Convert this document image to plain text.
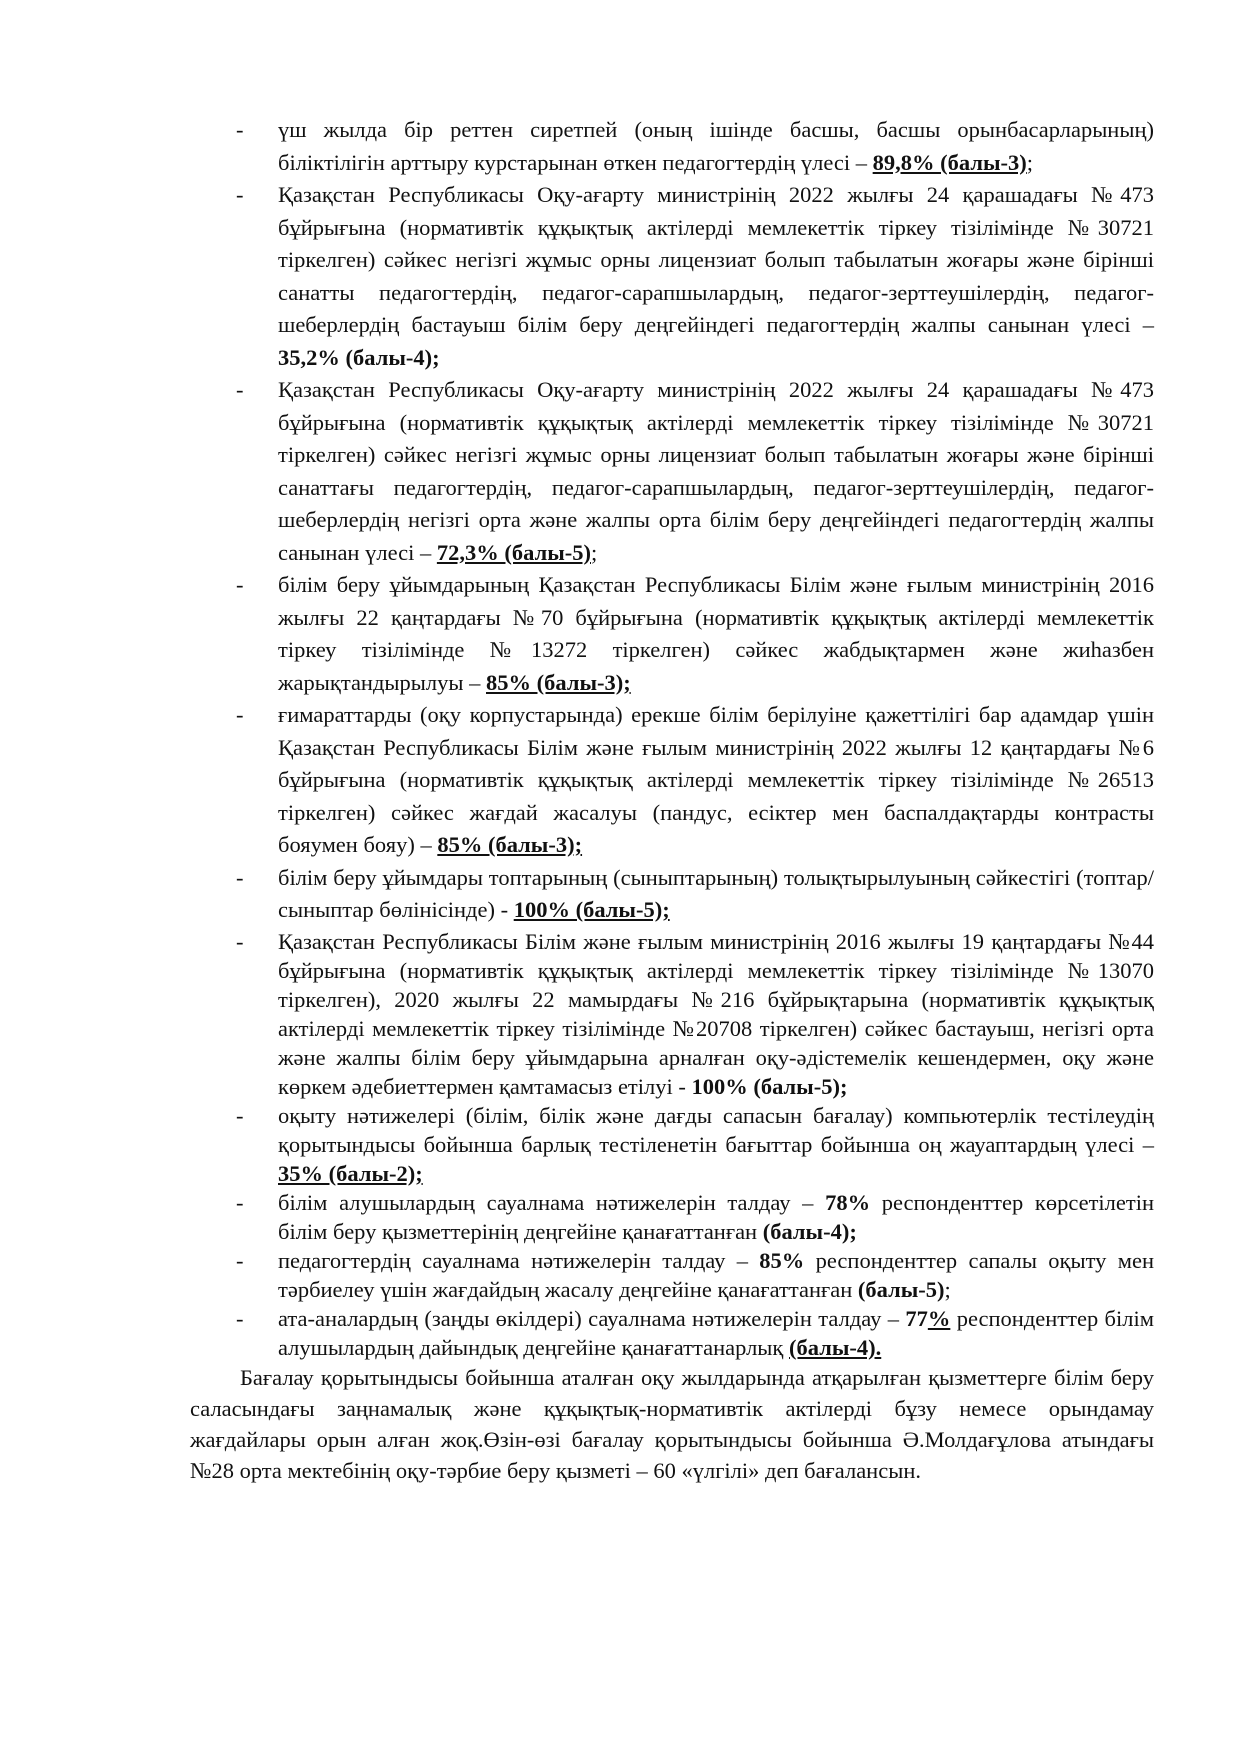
- үш жылда бір реттен сиретпей (оның ішінде басшы, басшы орынбасарларының) біліктілігін арттыру курстарынан өткен педагогтердің үлесі – 89,8% (балы-3);

- Қазақстан Республикасы Оқу-ағарту министрінің 2022 жылғы 24 қарашадағы №473 бұйрығына (нормативтік құқықтық актілерді мемлекеттік тіркеу тізілімінде №30721 тіркелген) сәйкес негізгі жұмыс орны лицензиат болып табылатын жоғары және бірінші санатты педагогтердің, педагог-сарапшылардың, педагог-зерттеушілердің, педагог-шеберлердің бастауыш білім беру деңгейіндегі педагогтердің жалпы санынан үлесі – 35,2% (балы-4);

- Қазақстан Республикасы Оқу-ағарту министрінің 2022 жылғы 24 қарашадағы №473 бұйрығына (нормативтік құқықтық актілерді мемлекеттік тіркеу тізілімінде №30721 тіркелген) сәйкес негізгі жұмыс орны лицензиат болып табылатын жоғары және бірінші санаттағы педагогтердің, педагог-сарапшылардың, педагог-зерттеушілердің, педагог-шеберлердің негізгі орта және жалпы орта білім беру деңгейіндегі педагогтердің жалпы санынан үлесі – 72,3% (балы-5);

- білім беру ұйымдарының Қазақстан Республикасы Білім және ғылым министрінің 2016 жылғы 22 қаңтардағы №70 бұйрығына (нормативтік құқықтық актілерді мемлекеттік тіркеу тізілімінде №13272 тіркелген) сәйкес жабдықтармен және жиһазбен жарықтандырылуы – 85% (балы-3);

- ғимараттарды (оқу корпустарында) ерекше білім берілуіне қажеттілігі бар адамдар үшін Қазақстан Республикасы Білім және ғылым министрінің 2022 жылғы 12 қаңтардағы №6 бұйрығына (нормативтік құқықтық актілерді мемлекеттік тіркеу тізілімінде №26513 тіркелген) сәйкес жағдай жасалуы (пандус, есіктер мен баспалдақтарды контрасты бояумен бояу) – 85% (балы-3);

- білім беру ұйымдары топтарының (сыныптарының) толықтырылуының сәйкестігі (топтар/сыныптар бөлінісінде) - 100% (балы-5);

- Қазақстан Республикасы Білім және ғылым министрінің 2016 жылғы 19 қаңтардағы №44 бұйрығына (нормативтік құқықтық актілерді мемлекеттік тіркеу тізілімінде №13070 тіркелген), 2020 жылғы 22 мамырдағы №216 бұйрықтарына (нормативтік құқықтық актілерді мемлекеттік тіркеу тізілімінде №20708 тіркелген) сәйкес бастауыш, негізгі орта және жалпы білім беру ұйымдарына арналған оқу-әдістемелік кешендермен, оқу және көркем әдебиеттермен қамтамасыз етілуі - 100% (балы-5);

- оқыту нәтижелері (білім, білік және дағды сапасын бағалау) компьютерлік тестілеудің қорытындысы бойынша барлық тестіленетін бағыттар бойынша оң жауаптардың үлесі – 35% (балы-2);

- білім алушылардың сауалнама нәтижелерін талдау – 78% респонденттер көрсетілетін білім беру қызметтерінің деңгейіне қанағаттанған (балы-4);

- педагогтердің сауалнама нәтижелерін талдау – 85% респонденттер сапалы оқыту мен тәрбиелеу үшін жағдайдың жасалу деңгейіне қанағаттанған (балы-5);

- ата-аналардың (заңды өкілдері) сауалнама нәтижелерін талдау – 77% респонденттер білім алушылардың дайындық деңгейіне қанағаттанарлық (балы-4).

Бағалау қорытындысы бойынша аталған оқу жылдарында атқарылған қызметтерге білім беру саласындағы заңнамалық және құқықтық-нормативтік актілерді бұзу немесе орындамау жағдайлары орын алған жоқ.Өзін-өзі бағалау қорытындысы бойынша Ә.Молдағұлова атындағы №28 орта мектебінің оқу-тәрбие беру қызметі – 60 «үлгілі» деп бағалансын.
